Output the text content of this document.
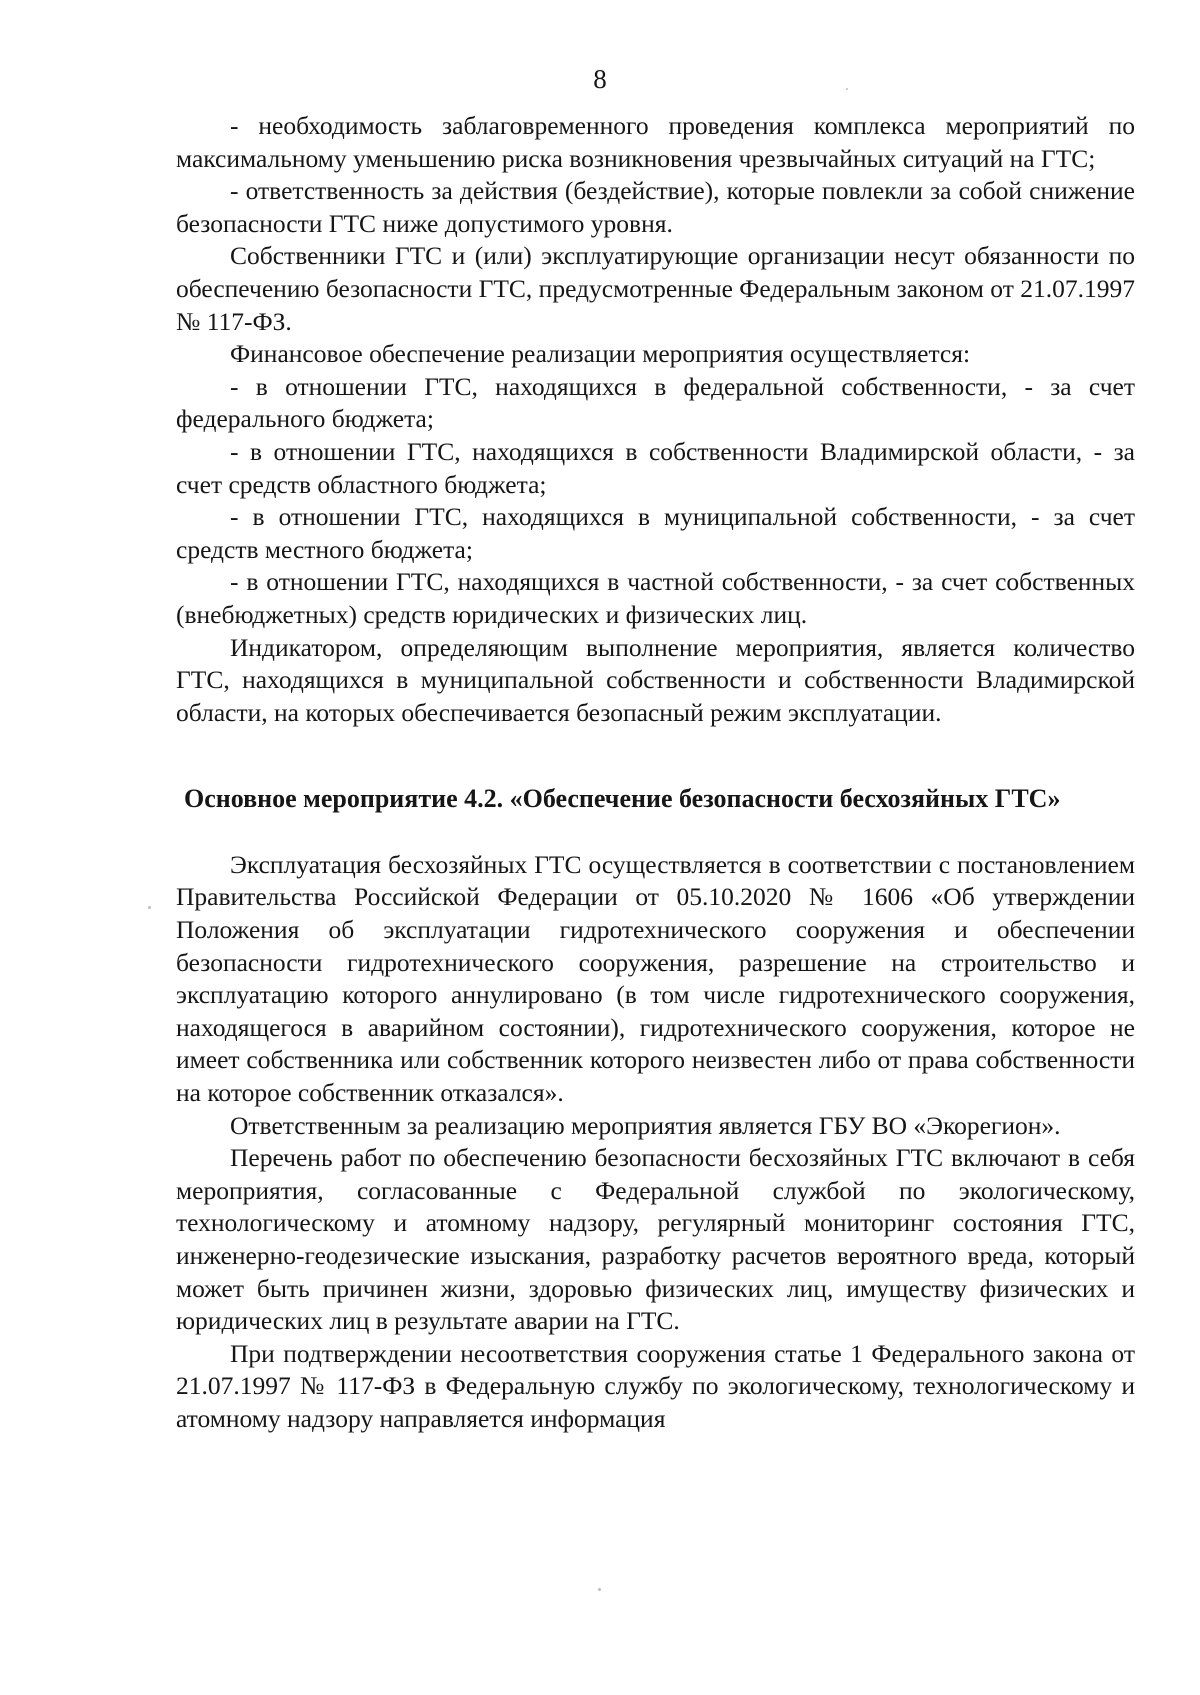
8

- необходимость заблаговременного проведения комплекса мероприятий по максимальному уменьшению риска возникновения чрезвычайных ситуаций на ГТС;

- ответственность за действия (бездействие), которые повлекли за собой снижение безопасности ГТС ниже допустимого уровня.

Собственники ГТС и (или) эксплуатирующие организации несут обязанности по обеспечению безопасности ГТС, предусмотренные Федеральным законом от 21.07.1997 № 117-ФЗ.

Финансовое обеспечение реализации мероприятия осуществляется:

- в отношении ГТС, находящихся в федеральной собственности, - за счет федерального бюджета;

- в отношении ГТС, находящихся в собственности Владимирской области, - за счет средств областного бюджета;

- в отношении ГТС, находящихся в муниципальной собственности, - за счет средств местного бюджета;

- в отношении ГТС, находящихся в частной собственности, - за счет собственных (внебюджетных) средств юридических и физических лиц.

Индикатором, определяющим выполнение мероприятия, является количество ГТС, находящихся в муниципальной собственности и собственности Владимирской области, на которых обеспечивается безопасный режим эксплуатации.

Основное мероприятие 4.2. «Обеспечение безопасности бесхозяйных ГТС»

Эксплуатация бесхозяйных ГТС осуществляется в соответствии с постановлением Правительства Российской Федерации от 05.10.2020 № 1606 «Об утверждении Положения об эксплуатации гидротехнического сооружения и обеспечении безопасности гидротехнического сооружения, разрешение на строительство и эксплуатацию которого аннулировано (в том числе гидротехнического сооружения, находящегося в аварийном состоянии), гидротехнического сооружения, которое не имеет собственника или собственник которого неизвестен либо от права собственности на которое собственник отказался».

Ответственным за реализацию мероприятия является ГБУ ВО «Экорегион».

Перечень работ по обеспечению безопасности бесхозяйных ГТС включают в себя мероприятия, согласованные с Федеральной службой по экологическому, технологическому и атомному надзору, регулярный мониторинг состояния ГТС, инженерно-геодезические изыскания, разработку расчетов вероятного вреда, который может быть причинен жизни, здоровью физических лиц, имуществу физических и юридических лиц в результате аварии на ГТС.

При подтверждении несоответствия сооружения статье 1 Федерального закона от 21.07.1997 № 117-ФЗ в Федеральную службу по экологическому, технологическому и атомному надзору направляется информация
